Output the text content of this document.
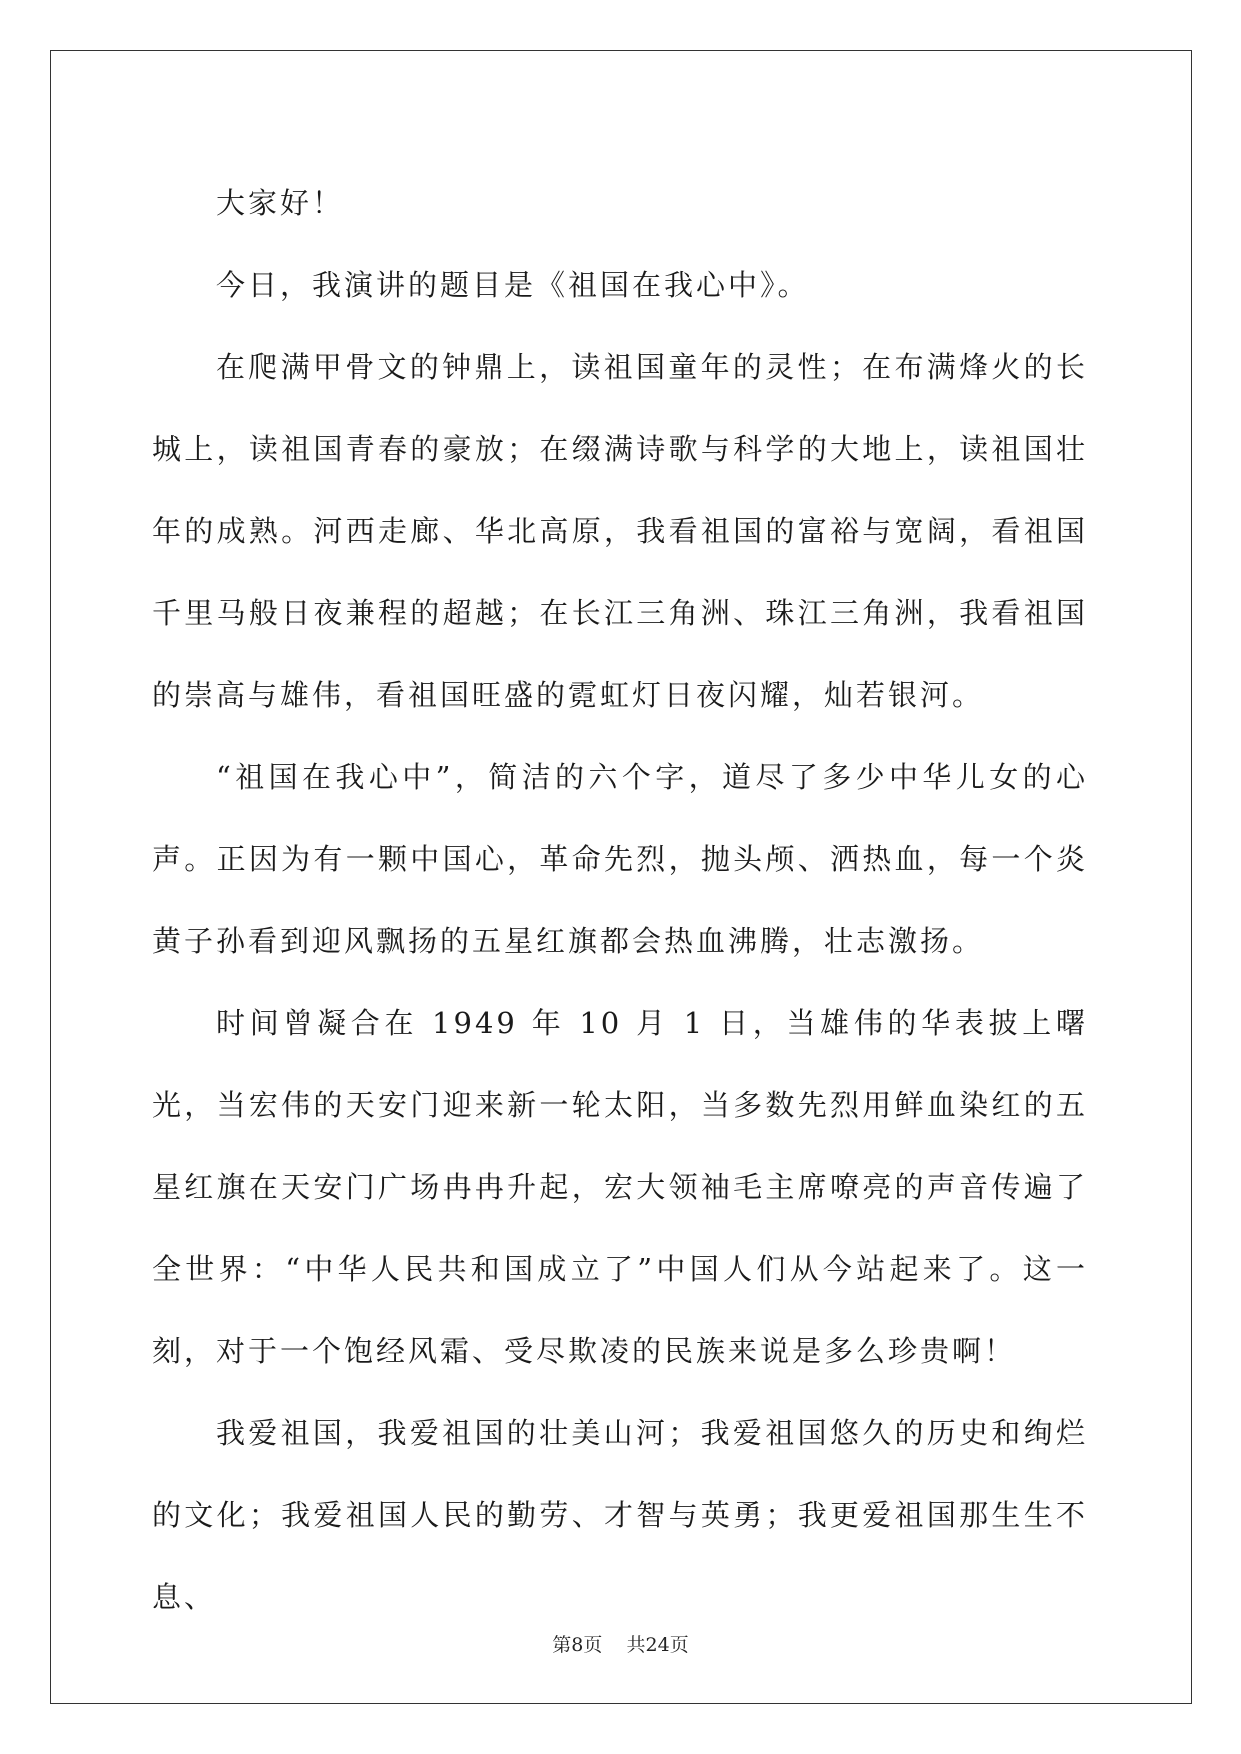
大家好！

今日，我演讲的题目是《祖国在我心中》。

在爬满甲骨文的钟鼎上，读祖国童年的灵性；在布满烽火的长城上，读祖国青春的豪放；在缀满诗歌与科学的大地上，读祖国壮年的成熟。河西走廊、华北高原，我看祖国的富裕与宽阔，看祖国千里马般日夜兼程的超越；在长江三角洲、珠江三角洲，我看祖国的崇高与雄伟，看祖国旺盛的霓虹灯日夜闪耀，灿若银河。

“祖国在我心中”，简洁的六个字，道尽了多少中华儿女的心声。正因为有一颗中国心，革命先烈，抛头颅、洒热血，每一个炎黄子孙看到迎风飘扬的五星红旗都会热血沸腾，壮志激扬。

时间曾凝合在 1949 年 10 月 1 日，当雄伟的华表披上曙光，当宏伟的天安门迎来新一轮太阳，当多数先烈用鲜血染红的五星红旗在天安门广场冉冉升起，宏大领袖毛主席嘹亮的声音传遍了全世界：“中华人民共和国成立了”中国人们从今站起来了。这一刻，对于一个饱经风霜、受尽欺凌的民族来说是多么珍贵啊！

我爱祖国，我爱祖国的壮美山河；我爱祖国悠久的历史和绚烂的文化；我爱祖国人民的勤劳、才智与英勇；我更爱祖国那生生不息、

第8页 共24页
